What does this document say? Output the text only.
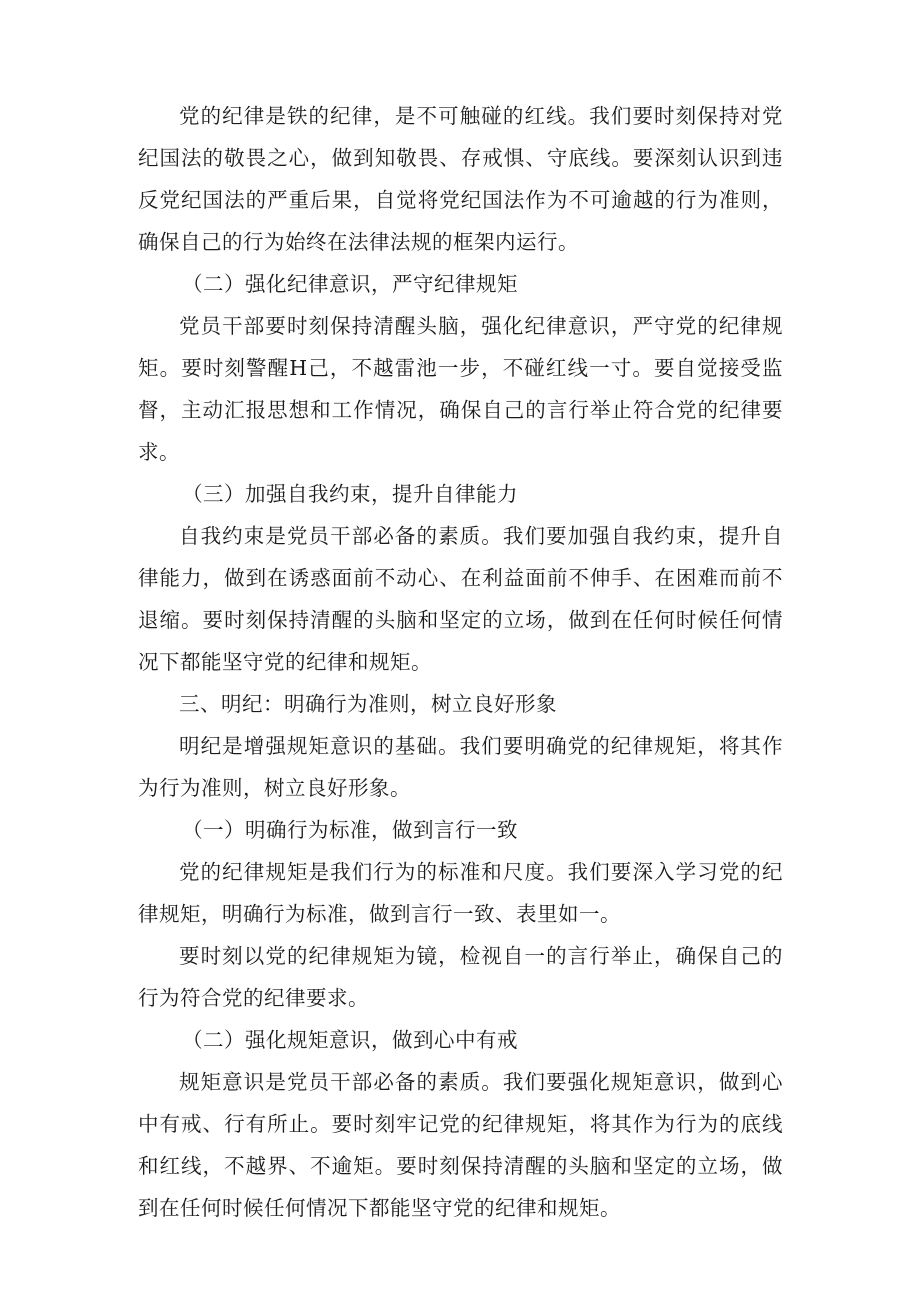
党的纪律是铁的纪律，是不可触碰的红线。我们要时刻保持对党纪国法的敬畏之心，做到知敬畏、存戒惧、守底线。要深刻认识到违反党纪国法的严重后果，自觉将党纪国法作为不可逾越的行为准则，确保自己的行为始终在法律法规的框架内运行。

（二）强化纪律意识，严守纪律规矩

党员干部要时刻保持清醒头脑，强化纪律意识，严守党的纪律规矩。要时刻警醒H己，不越雷池一步，不碰红线一寸。要自觉接受监督，主动汇报思想和工作情况，确保自己的言行举止符合党的纪律要求。

（三）加强自我约束，提升自律能力

自我约束是党员干部必备的素质。我们要加强自我约束，提升自律能力，做到在诱惑面前不动心、在利益面前不伸手、在困难而前不退缩。要时刻保持清醒的头脑和坚定的立场，做到在任何时候任何情况下都能坚守党的纪律和规矩。

三、明纪：明确行为准则，树立良好形象

明纪是增强规矩意识的基础。我们要明确党的纪律规矩，将其作为行为准则，树立良好形象。

（一）明确行为标准，做到言行一致

党的纪律规矩是我们行为的标准和尺度。我们要深入学习党的纪律规矩，明确行为标准，做到言行一致、表里如一。

要时刻以党的纪律规矩为镜，检视自一的言行举止，确保自己的行为符合党的纪律要求。

（二）强化规矩意识，做到心中有戒

规矩意识是党员干部必备的素质。我们要强化规矩意识，做到心中有戒、行有所止。要时刻牢记党的纪律规矩，将其作为行为的底线和红线，不越界、不逾矩。要时刻保持清醒的头脑和坚定的立场，做到在任何时候任何情况下都能坚守党的纪律和规矩。
